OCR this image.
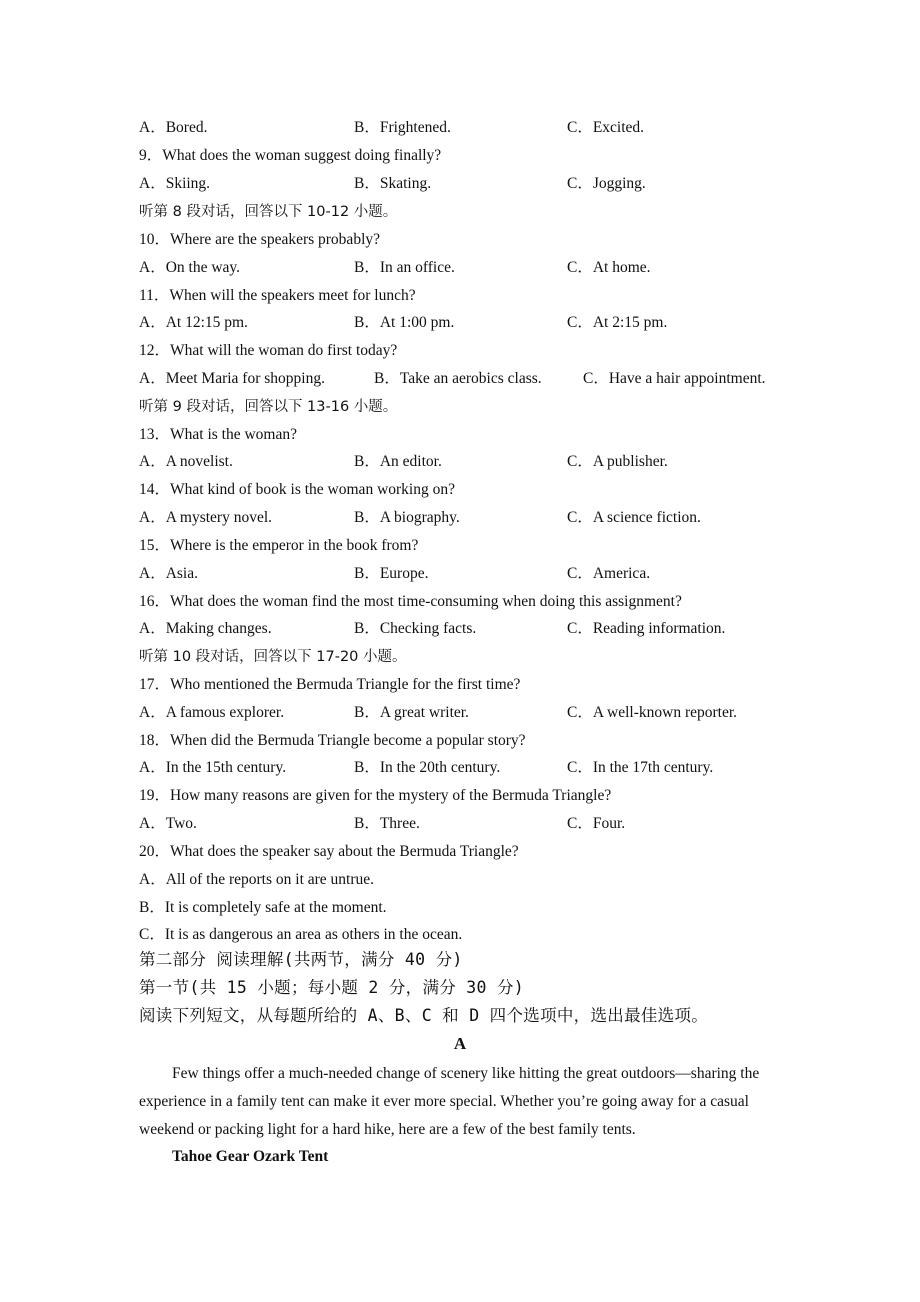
A．Bored.	B．Frightened.	C．Excited.
9．What does the woman suggest doing finally?
A．Skiing.	B．Skating.	C．Jogging.
听第 8 段对话，回答以下 10-12 小题。
10．Where are the speakers probably?
A．On the way.	B．In an office.	C．At home.
11．When will the speakers meet for lunch?
A．At 12:15 pm.	B．At 1:00 pm.	C．At 2:15 pm.
12．What will the woman do first today?
A．Meet Maria for shopping.	B．Take an aerobics class.	C．Have a hair appointment.
听第 9 段对话，回答以下 13-16 小题。
13．What is the woman?
A．A novelist.	B．An editor.	C．A publisher.
14．What kind of book is the woman working on?
A．A mystery novel.	B．A biography.	C．A science fiction.
15．Where is the emperor in the book from?
A．Asia.	B．Europe.	C．America.
16．What does the woman find the most time-consuming when doing this assignment?
A．Making changes.	B．Checking facts.	C．Reading information.
听第 10 段对话，回答以下 17-20 小题。
17．Who mentioned the Bermuda Triangle for the first time?
A．A famous explorer.	B．A great writer.	C．A well-known reporter.
18．When did the Bermuda Triangle become a popular story?
A．In the 15th century.	B．In the 20th century.	C．In the 17th century.
19．How many reasons are given for the mystery of the Bermuda Triangle?
A．Two.	B．Three.	C．Four.
20．What does the speaker say about the Bermuda Triangle?
A．All of the reports on it are untrue.
B．It is completely safe at the moment.
C．It is as dangerous an area as others in the ocean.
第二部分 阅读理解(共两节，满分 40 分)
第一节(共 15 小题；每小题 2 分，满分 30 分)
阅读下列短文，从每题所给的 A、B、C 和 D 四个选项中，选出最佳选项。
A
Few things offer a much-needed change of scenery like hitting the great outdoors—sharing the experience in a family tent can make it ever more special. Whether you’re going away for a casual weekend or packing light for a hard hike, here are a few of the best family tents.
Tahoe Gear Ozark Tent
